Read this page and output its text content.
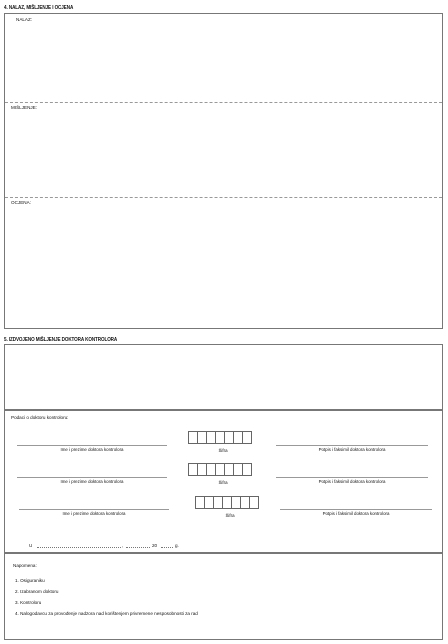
4. NALAZ, MIŠLJENJE I OCJENA
NALAZ:
MIŠLJENJE:
OCJENA:
5. IZDVOJENO MIŠLJENJE DOKTORA KONTROLORA
Podaci o doktoru kontroloru:
Ime i prezime doktora kontrolora	Šifra	Potpis i faksimil doktora kontrolora
Ime i prezime doktora kontrolora	Šifra	Potpis i faksimil doktora kontrolora
Ime i prezime doktora kontrolora	Šifra	Potpis i faksimil doktora kontrolora
U	,	20	g.
Napomena:
1. Osiguraniku
2. Izabranom doktoru
3. Kontroloru
4. Nalogodavcu za provođenje nadzora nad korištenjem privremene nesposobnosti za rad
